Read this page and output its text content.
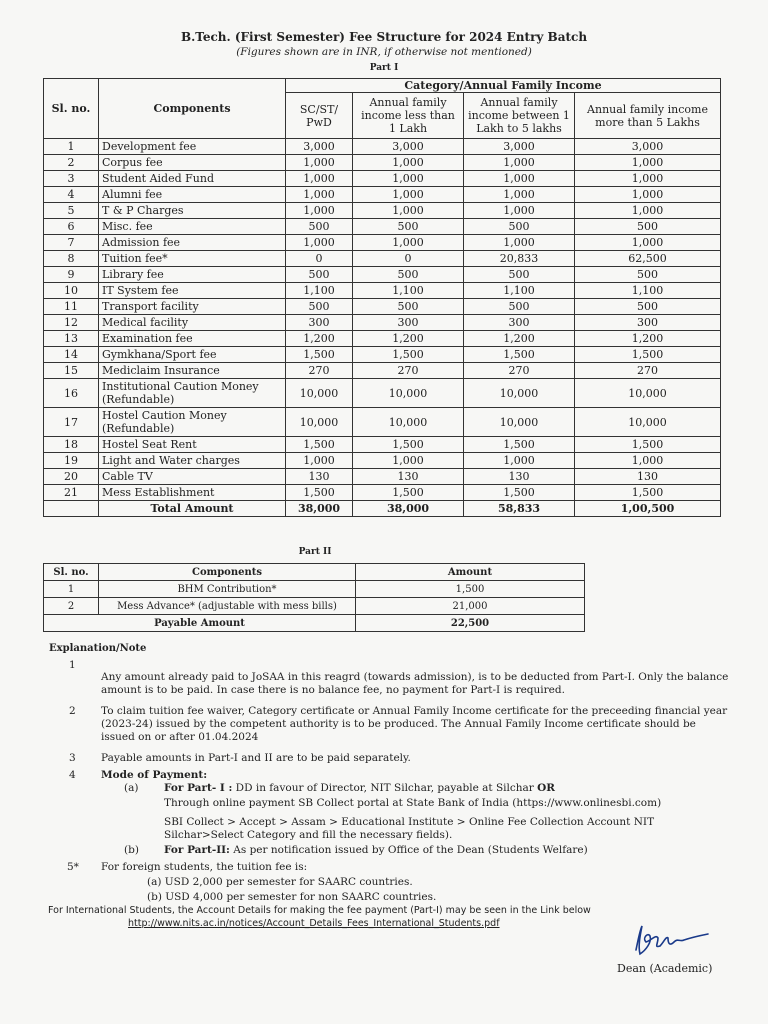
B.Tech. (First Semester) Fee Structure for 2024 Entry Batch
(Figures shown are in INR, if otherwise not mentioned)
Part I
Sl. no.	Components	Category/Annual Family Income			
		SC/ST/ PwD	Annual family income less than 1 Lakh	Annual family income between 1 Lakh to 5 lakhs	Annual family income more than 5 Lakhs
1	Development fee	3,000	3,000	3,000	3,000
2	Corpus fee	1,000	1,000	1,000	1,000
3	Student Aided Fund	1,000	1,000	1,000	1,000
4	Alumni fee	1,000	1,000	1,000	1,000
5	T & P Charges	1,000	1,000	1,000	1,000
6	Misc. fee	500	500	500	500
7	Admission fee	1,000	1,000	1,000	1,000
8	Tuition fee*	0	0	20,833	62,500
9	Library fee	500	500	500	500
10	IT System fee	1,100	1,100	1,100	1,100
11	Transport facility	500	500	500	500
12	Medical facility	300	300	300	300
13	Examination fee	1,200	1,200	1,200	1,200
14	Gymkhana/Sport fee	1,500	1,500	1,500	1,500
15	Mediclaim Insurance	270	270	270	270
16	Institutional Caution Money (Refundable)	10,000	10,000	10,000	10,000
17	Hostel Caution Money (Refundable)	10,000	10,000	10,000	10,000
18	Hostel Seat Rent	1,500	1,500	1,500	1,500
19	Light and Water charges	1,000	1,000	1,000	1,000
20	Cable TV	130	130	130	130
21	Mess Establishment	1,500	1,500	1,500	1,500
	Total Amount	38,000	38,000	58,833	1,00,500
Part II
Sl. no.	Components	Amount
1	BHM Contribution*	1,500
2	Mess Advance* (adjustable with mess bills)	21,000
Payable Amount		22,500
Explanation/Note
1
Any amount already paid to JoSAA in this reagrd (towards admission), is to be deducted from Part-I. Only the balance amount is to be paid. In case there is no balance fee, no payment for Part-I is required.
2 To claim tuition fee waiver, Category certificate or Annual Family Income certificate for the preceeding financial year (2023-24) issued by the competent authority is to be produced. The Annual Family Income certificate should be issued on or after 01.04.2024
3 Payable amounts in Part-I and II are to be paid separately.
4 Mode of Payment:
(a) For Part- I : DD in favour of Director, NIT Silchar, payable at Silchar OR
Through online payment SB Collect portal at State Bank of India (https://www.onlinesbi.com)
SBI Collect > Accept > Assam > Educational Institute > Online Fee Collection Account NIT Silchar>Select Category and fill the necessary fields).
(b) For Part-II: As per notification issued by Office of the Dean (Students Welfare)
5* For foreign students, the tuition fee is:
(a) USD 2,000 per semester for SAARC countries.
(b) USD 4,000 per semester for non SAARC countries.
For International Students, the Account Details for making the fee payment (Part-I) may be seen in the Link below
http://www.nits.ac.in/notices/Account_Details_Fees_International_Students.pdf
Dean (Academic)
